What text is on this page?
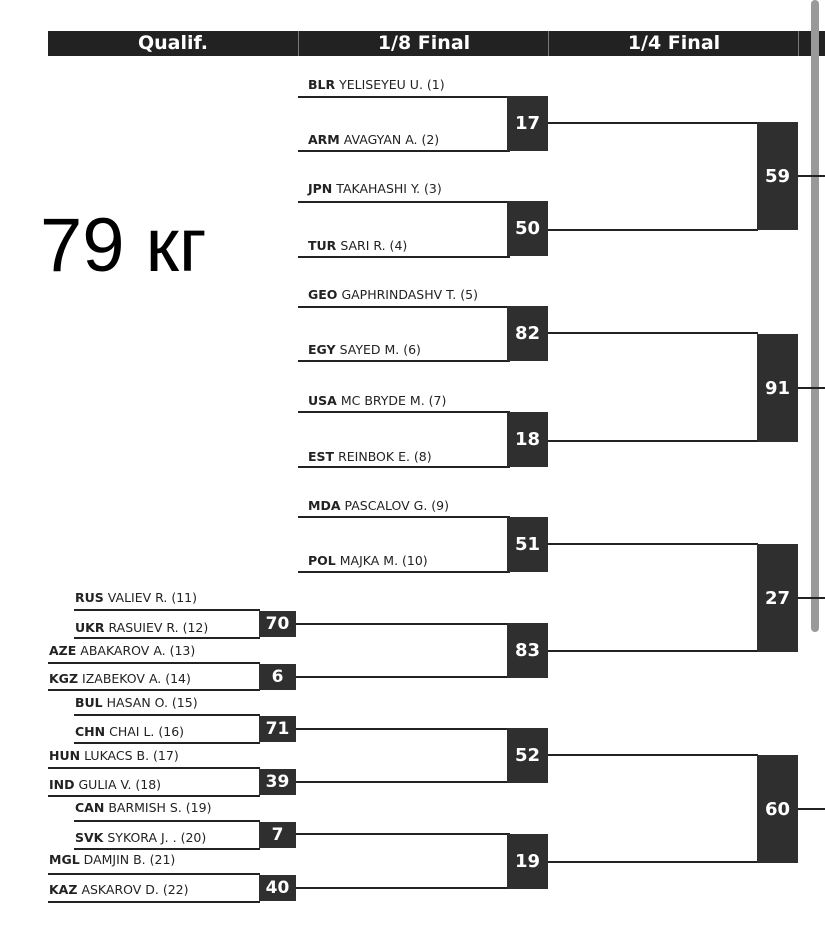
Qualif.	1/8 Final	1/4 Final
79 кг
BLR YELISEYEU U. (1)
ARM AVAGYAN A. (2)
JPN TAKAHASHI Y. (3)
TUR SARI R. (4)
GEO GAPHRINDASHV T. (5)
EGY SAYED M. (6)
USA MC BRYDE M. (7)
EST REINBOK E. (8)
MDA PASCALOV G. (9)
POL MAJKA M. (10)
RUS VALIEV R. (11)
UKR RASUIEV R. (12)
AZE ABAKAROV A. (13)
KGZ IZABEKOV A. (14)
BUL HASAN O. (15)
CHN CHAI L. (16)
HUN LUKACS B. (17)
IND GULIA V. (18)
CAN BARMISH S. (19)
SVK SYKORA J. . (20)
MGL DAMJIN B. (21)
KAZ ASKAROV D. (22)
70
6
71
39
7
40
17
50
82
18
51
83
52
19
59
91
27
60
